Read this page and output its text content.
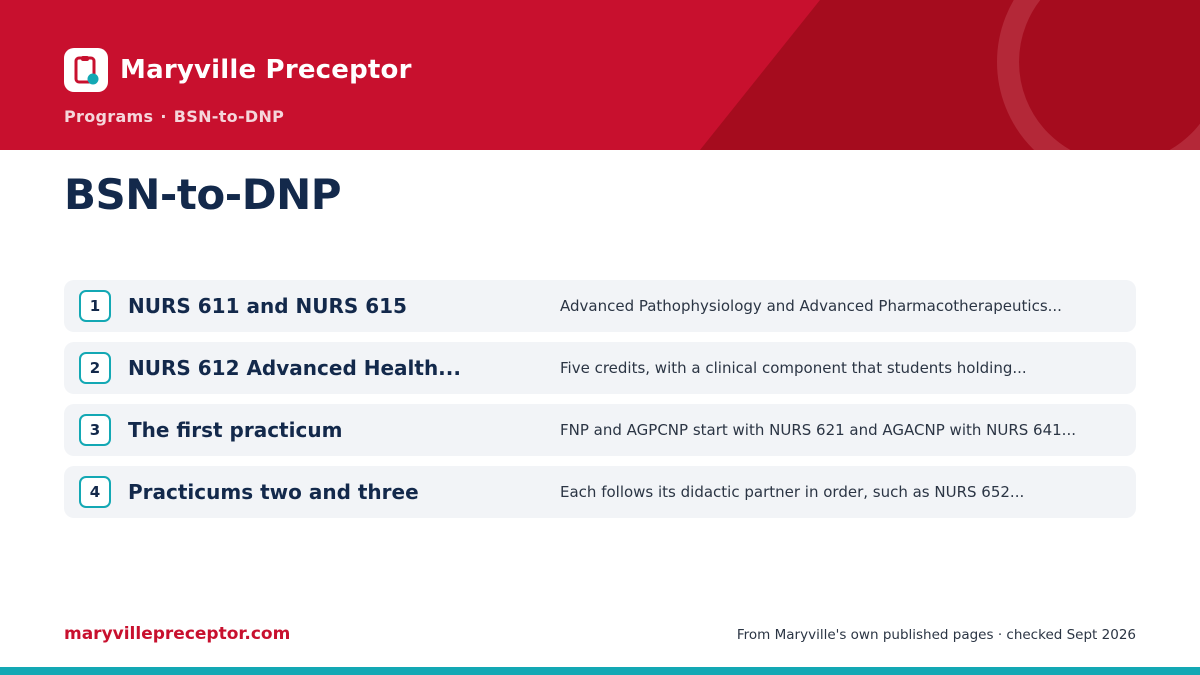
Maryville Preceptor
Programs · BSN-to-DNP
BSN-to-DNP
1	NURS 611 and NURS 615	Advanced Pathophysiology and Advanced Pharmacotherapeutics...
2	NURS 612 Advanced Health...	Five credits, with a clinical component that students holding...
3	The first practicum	FNP and AGPCNP start with NURS 621 and AGACNP with NURS 641...
4	Practicums two and three	Each follows its didactic partner in order, such as NURS 652...
maryvillepreceptor.com	From Maryville's own published pages · checked Sept 2026
